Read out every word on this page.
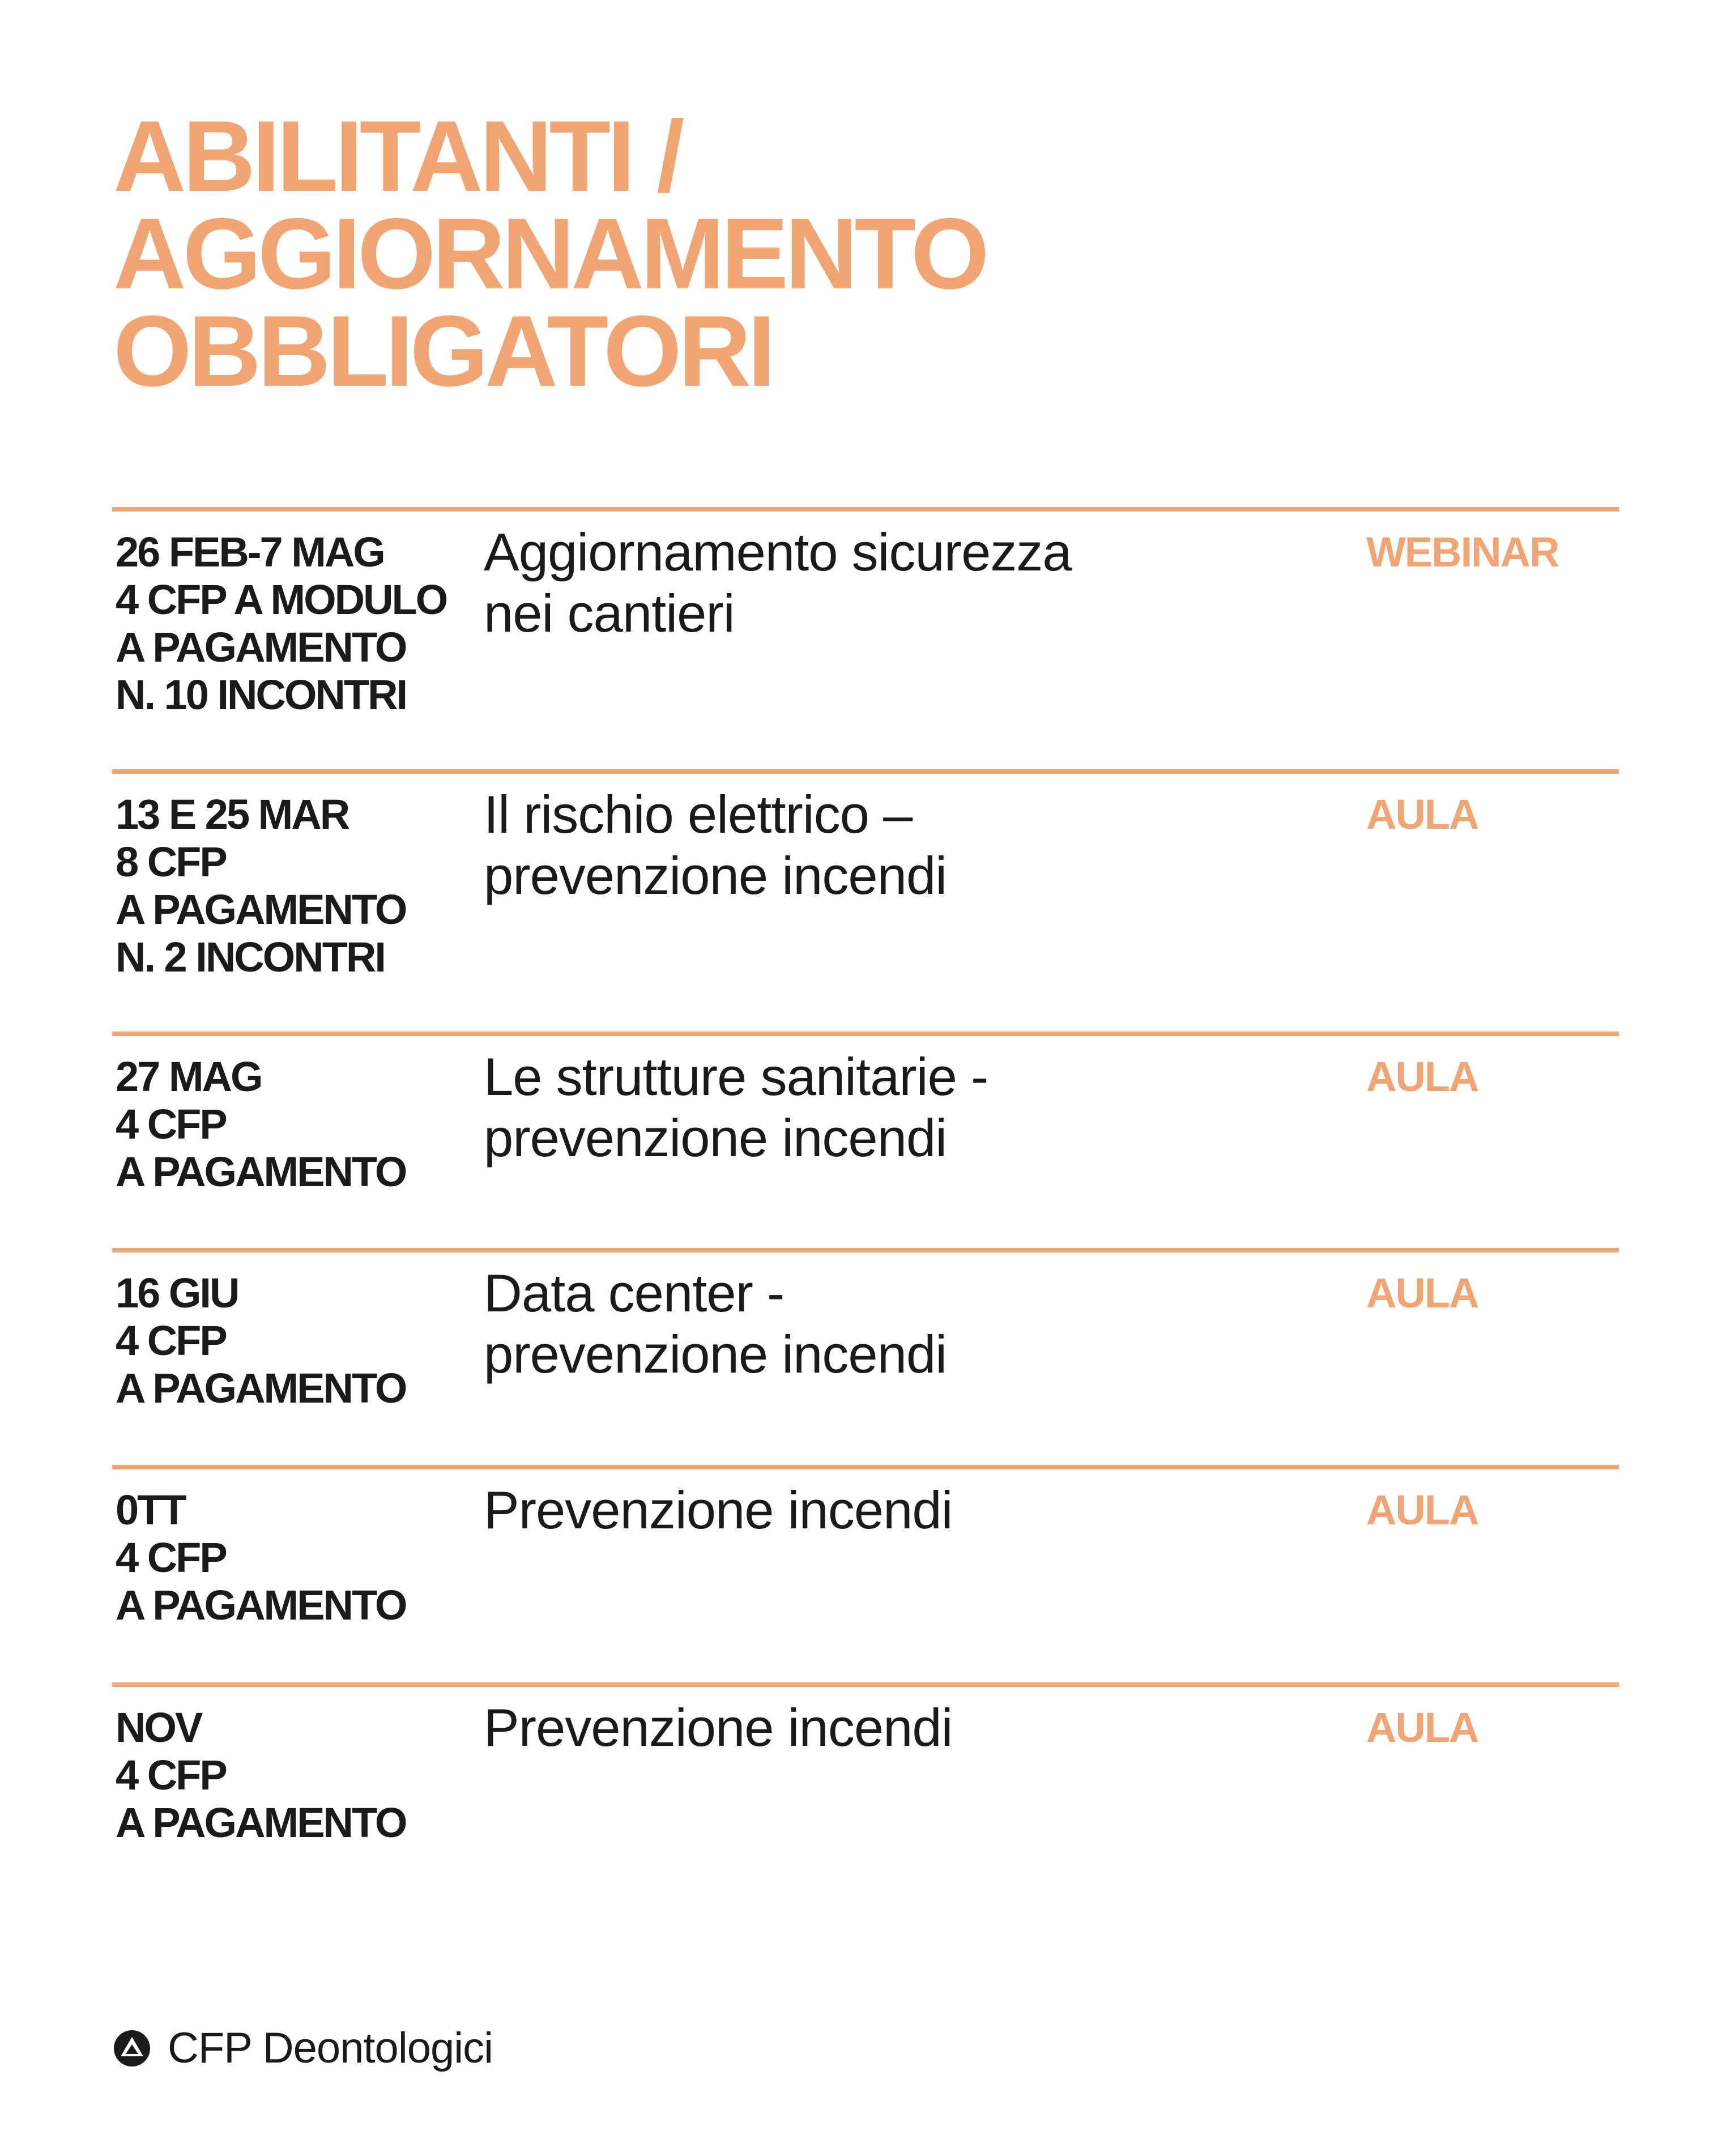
ABILITANTI /
AGGIORNAMENTO
OBBLIGATORI
26 FEB-7 MAG
4 CFP A MODULO
A PAGAMENTO
N. 10 INCONTRI
Aggiornamento sicurezza
nei cantieri
WEBINAR
13 E 25 MAR
8 CFP
A PAGAMENTO
N. 2 INCONTRI
Il rischio elettrico –
prevenzione incendi
AULA
27 MAG
4 CFP
A PAGAMENTO
Le strutture sanitarie -
prevenzione incendi
AULA
16 GIU
4 CFP
A PAGAMENTO
Data center -
prevenzione incendi
AULA
0TT
4 CFP
A PAGAMENTO
Prevenzione incendi	AULA
NOV
4 CFP
A PAGAMENTO
Prevenzione incendi	AULA
CFP Deontologici
